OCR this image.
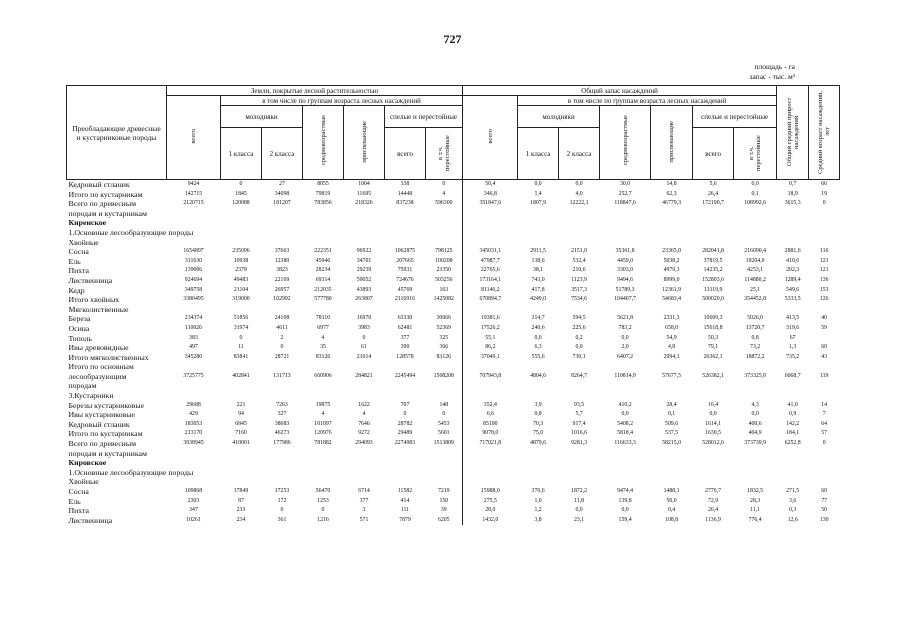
727
площадь - га
запас - тыс. м³
Преобладающие древесные и кустарниковые породы	Земли, покрытые лесной растительностью							Общий запас насаждений							Общий средний прирост насаждений	Средний возраст насаждений, лет
	всего	в том числе по группам возраста лесных насаждений						всего	в том числе по группам возраста лесных насаждений							
		молодняки		средневозрастные	приспевающие	спелые и перестойные			молодняки		средневозрастные	приспевающие	спелые и перестойные			
		1 класса	2 класса			всего	в т.ч. перестойные		1 класса	2 класса			всего	в т.ч. перестойные		
Кедровый стланик	9424	0	27	8055	1004	338	0	50,4	0,0	0,0	30,0	14,8	5,6	0,0	0,7	66
Итого по кустарникам	142715	1845	34098	79819	11695	14448	4	346,8	1,4	4,0	252,7	62,3	26,4	0,1	18,9	19
Всего по древесным	2120715	120088	181207	783856	218326	837238	596300	351847,6	1807,9	12222,1	118847,6	46779,3	172190,7	108992,6	3615,3	0
породам и кустарникам																
Киренское																
1.Основные лесообразующие породы																
Хвойные																
Сосна	1654897	235096	37663	222351	96922	1062875	798125	345031,1	2911,5	2151,0	35361,8	23365,0	282041,8	216090,4	2881,6	116
Ель	311630	10938	12380	45946	34701	207665	100208	47987,7	138,6	532,4	4459,0	5038,2	37819,5	19204,0	410,6	121
Пихта	139006	2379	3823	28234	29239	75931	23350	22765,6	38,1	210,6	3303,0	4979,3	14235,2	4253,1	202,3	121
Лиственница	924694	49483	22169	69314	59052	724676	503256	173164,1	743,0	1123,9	9494,6	8999,0	152803,6	114880,2	1289,4	136
Кедр	349758	21104	26957	212035	43893	45769	163	81146,2	417,8	3517,3	51789,3	12361,9	13119,9	25,1	549,6	153
Итого хвойных	3380495	319000	102992	577780	263807	2116916	1425082	670894,7	4249,0	7534,6	104407,7	54683,4	500020,0	354452,8	5333,5	126
Мягколиственные																
Береза	234374	51856	24108	78110	16970	63330	30066	19381,6	314,7	594,5	5621,8	2331,3	10609,3	5026,0	413,5	40
Осина	110026	31974	4611	6977	3983	62481	52369	17526,2	240,6	225,6	783,2	658,0	15618,8	13720,7	319,6	59
Тополь	383	0	2	4	0	377	325	55,1	0,0	0,2	0,0	54,9	50,3	0,8	67	
Ивы древовидные	497	11	0	35	61	390	366	86,2	6,3	0,0	2,0	4,8	79,1	73,2	1,3	60
Итого мягколиственных	345280	83841	28721	83126	21014	128578	83126	37049,1	555,6	730,1	6407,2	2994,1	26362,1	18872,2	735,2	43
Итого по основным																
лесообразующим	3725775	402841	131713	660906	284821	2245494	1508208	707943,8	4804,6	8264,7	110814,9	57677,5	526382,1	373325,0	6068,7	119
породам																
3.Кустарники																
Березы кустарниковые	29688	221	7263	19875	1622	707	148	352,4	3,9	93,5	410,2	28,4	16,4	4,3	41,0	14
Ивы кустарниковые	429	94	327	4	4	0	0	6,6	0,8	5,7	0,0	0,1	0,0	0,0	0,9	7
Кедровый стланик	183053	6845	38683	101097	7646	28782	5453	85190	70,3	917,4	5408,2	509,6	1614,1	400,6	142,2	64
Итого по кустарникам	213170	7160	46273	120976	9272	29489	5601	9078,0	75,0	1016,6	5818,4	537,5	1630,5	404,9	184,1	57
Всего по древесным	3938945	410001	177986	781882	294093	2274983	1513809	717021,8	4879,6	9281,3	116633,3	58215,0	528012,6	373739,9	6252,8	0
породам и кустарникам																
Кировское																
1.Основные лесообразующие породы																
Хвойные																
Сосна	109868	17849	17253	56470	6714	11582	7219	15988,0	376,6	1872,2	9474,4	1488,1	2776,7	1832,5	271,5	60
Ель	2303	87	172	1253	377	414	150	275,5	1,0	11,8	139,8	50,0	72,9	28,3	3,6	77
Пихта	347	233	0	0	3	111	39	28,0	1,2	0,0	0,0	0,4	26,4	11,1	0,3	50
Лиственница	10261	234	361	1216	571	7879	6205	1432,0	3,8	23,1	159,4	108,8	1136,9	776,4	12,6	130
